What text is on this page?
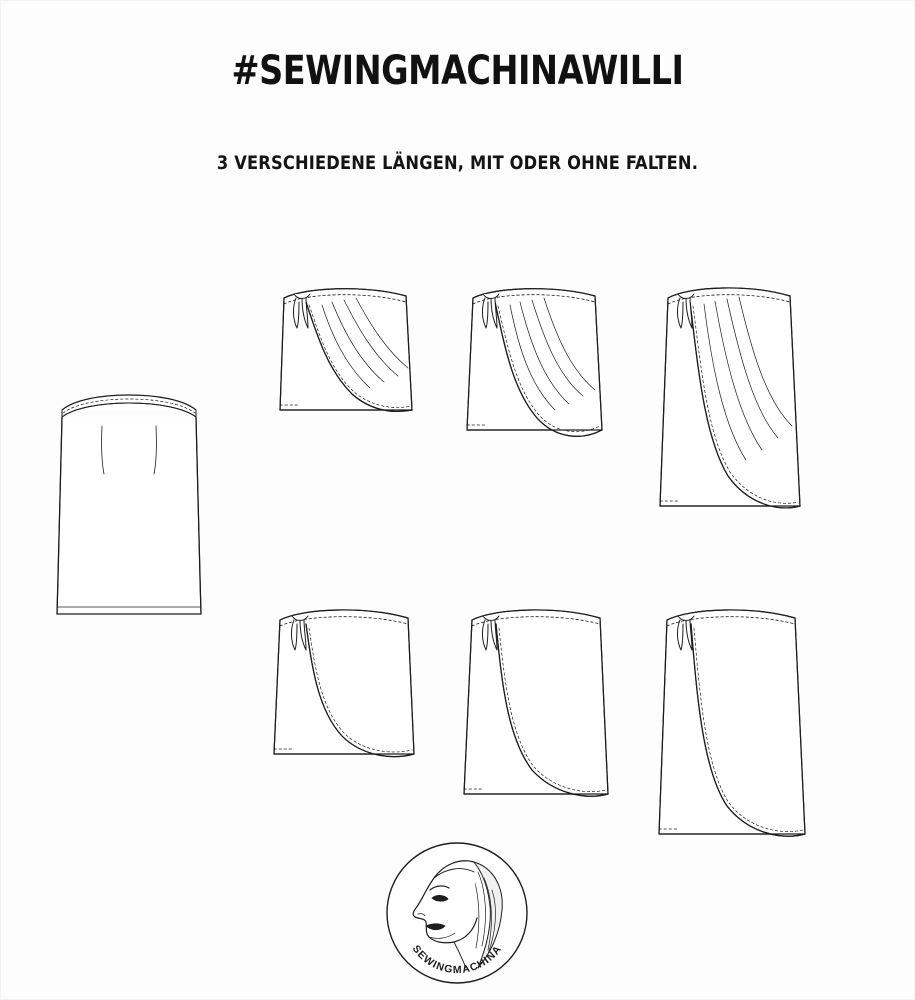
#SEWINGMACHINAWILLI
3 VERSCHIEDENE LÄNGEN, MIT ODER OHNE FALTEN.
SEWINGMACHINA
